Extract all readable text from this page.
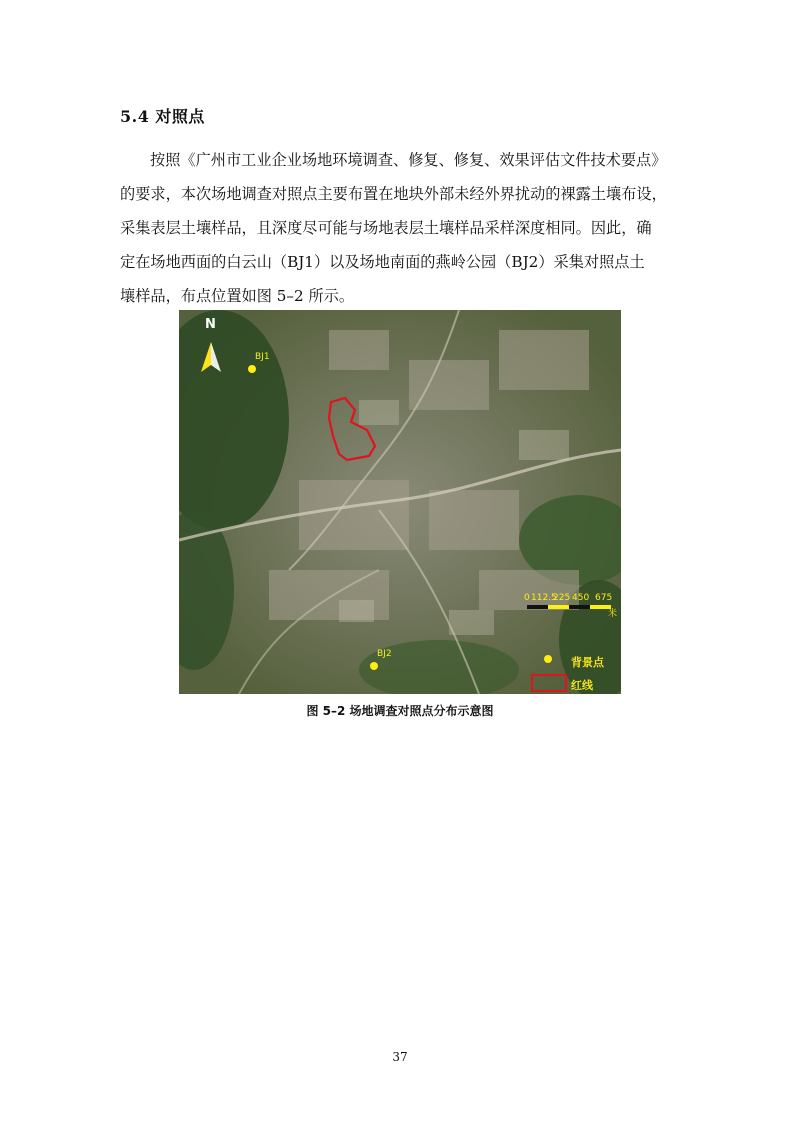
5.4 对照点
按照《广州市工业企业场地环境调查、修复、修复、效果评估文件技术要点》
的要求，本次场地调查对照点主要布置在地块外部未经外界扰动的裸露土壤布设，
采集表层土壤样品，且深度尽可能与场地表层土壤样品采样深度相同。因此，确
定在场地西面的白云山（BJ1）以及场地南面的燕岭公园（BJ2）采集对照点土
壤样品，布点位置如图 5–2 所示。
N
BJ1
BJ2
0 112.5
225 450 675
米
背景点
红线
图 5–2 场地调查对照点分布示意图
37
